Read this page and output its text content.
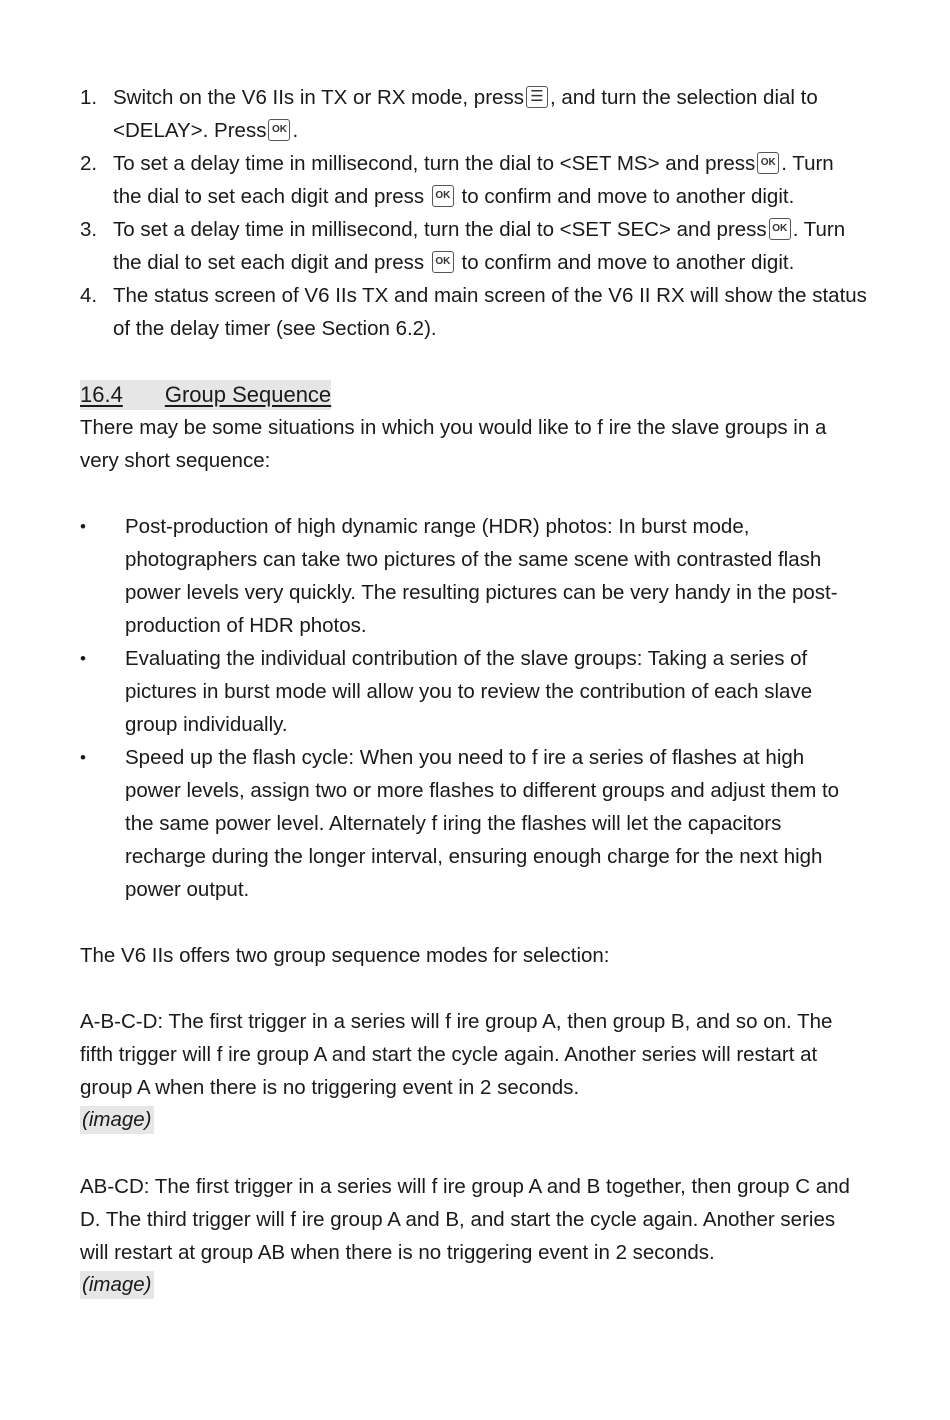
1. Switch on the V6 IIs in TX or RX mode, press ☰ , and turn the selection dial to
<DELAY>. Press OK .
2. To set a delay time in millisecond, turn the dial to <SET MS> and press OK . Turn
the dial to set each digit and press OK to confirm and move to another digit.
3. To set a delay time in millisecond, turn the dial to <SET SEC> and press OK . Turn
the dial to set each digit and press OK to confirm and move to another digit.
4. The status screen of V6 IIs TX and main screen of the V6 II RX will show the status
of the delay timer (see Section 6.2).
16.4 Group Sequence
There may be some situations in which you would like to f ire the slave groups in a
very short sequence:
• Post-production of high dynamic range (HDR) photos: In burst mode,
photographers can take two pictures of the same scene with contrasted flash
power levels very quickly. The resulting pictures can be very handy in the post-
production of HDR photos.
• Evaluating the individual contribution of the slave groups: Taking a series of
pictures in burst mode will allow you to review the contribution of each slave
group individually.
• Speed up the flash cycle: When you need to f ire a series of flashes at high
power levels, assign two or more flashes to different groups and adjust them to
the same power level. Alternately f iring the flashes will let the capacitors
recharge during the longer interval, ensuring enough charge for the next high
power output.
The V6 IIs offers two group sequence modes for selection:
A-B-C-D: The first trigger in a series will f ire group A, then group B, and so on. The
fifth trigger will f ire group A and start the cycle again. Another series will restart at
group A when there is no triggering event in 2 seconds.
(image)
AB-CD: The first trigger in a series will f ire group A and B together, then group C and
D. The third trigger will f ire group A and B, and start the cycle again. Another series
will restart at group AB when there is no triggering event in 2 seconds.
(image)
